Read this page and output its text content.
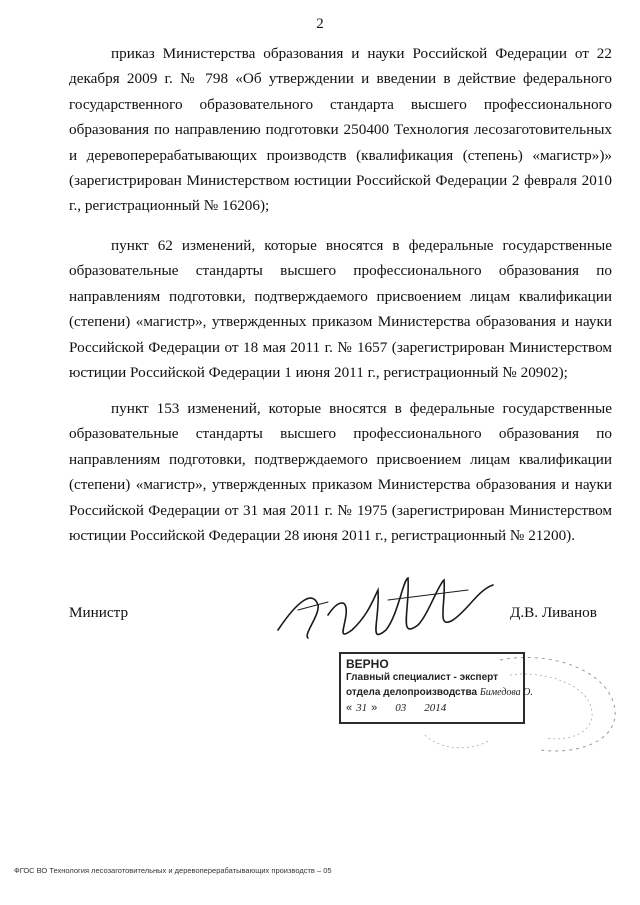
2

приказ Министерства образования и науки Российской Федерации от 22 декабря 2009 г. № 798 «Об утверждении и введении в действие федерального государственного образовательного стандарта высшего профессионального образования по направлению подготовки 250400 Технология лесозаготовительных и деревоперерабатывающих производств (квалификация (степень) «магистр»)» (зарегистрирован Министерством юстиции Российской Федерации 2 февраля 2010 г., регистрационный № 16206);

пункт 62 изменений, которые вносятся в федеральные государственные образовательные стандарты высшего профессионального образования по направлениям подготовки, подтверждаемого присвоением лицам квалификации (степени) «магистр», утвержденных приказом Министерства образования и науки Российской Федерации от 18 мая 2011 г. № 1657 (зарегистрирован Министерством юстиции Российской Федерации 1 июня 2011 г., регистрационный № 20902);

пункт 153 изменений, которые вносятся в федеральные государственные образовательные стандарты высшего профессионального образования по направлениям подготовки, подтверждаемого присвоением лицам квалификации (степени) «магистр», утвержденных приказом Министерства образования и науки Российской Федерации от 31 мая 2011 г. № 1975 (зарегистрирован Министерством юстиции Российской Федерации 28 июня 2011 г., регистрационный № 21200).

Министр	Д.В. Ливанов
ВЕРНО
Главный специалист - эксперт
отдела делопроизводства Бимедова О.
« 31 » 03 2014
ФГОС ВО Технология лесозаготовительных и деревоперерабатывающих производств – 05
